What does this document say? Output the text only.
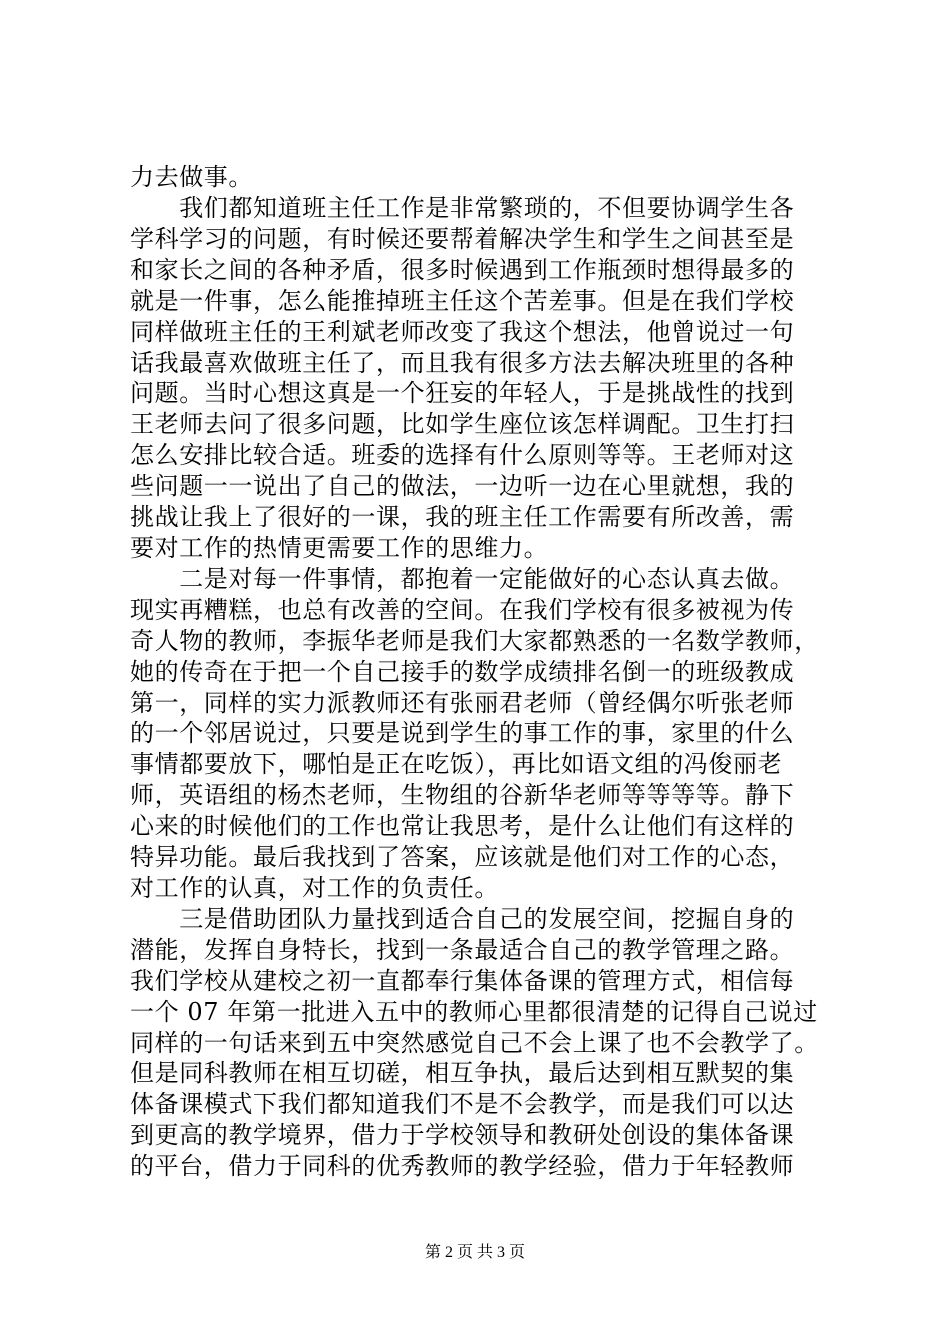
力去做事。
　　我们都知道班主任工作是非常繁琐的，不但要协调学生各
学科学习的问题，有时候还要帮着解决学生和学生之间甚至是
和家长之间的各种矛盾，很多时候遇到工作瓶颈时想得最多的
就是一件事，怎么能推掉班主任这个苦差事。但是在我们学校
同样做班主任的王利斌老师改变了我这个想法，他曾说过一句
话我最喜欢做班主任了，而且我有很多方法去解决班里的各种
问题。当时心想这真是一个狂妄的年轻人，于是挑战性的找到
王老师去问了很多问题，比如学生座位该怎样调配。卫生打扫
怎么安排比较合适。班委的选择有什么原则等等。王老师对这
些问题一一说出了自己的做法，一边听一边在心里就想，我的
挑战让我上了很好的一课，我的班主任工作需要有所改善，需
要对工作的热情更需要工作的思维力。
　　二是对每一件事情，都抱着一定能做好的心态认真去做。
现实再糟糕，也总有改善的空间。在我们学校有很多被视为传
奇人物的教师，李振华老师是我们大家都熟悉的一名数学教师，
她的传奇在于把一个自己接手的数学成绩排名倒一的班级教成
第一，同样的实力派教师还有张丽君老师（曾经偶尔听张老师
的一个邻居说过，只要是说到学生的事工作的事，家里的什么
事情都要放下，哪怕是正在吃饭），再比如语文组的冯俊丽老
师，英语组的杨杰老师，生物组的谷新华老师等等等等。静下
心来的时候他们的工作也常让我思考，是什么让他们有这样的
特异功能。最后我找到了答案，应该就是他们对工作的心态，
对工作的认真，对工作的负责任。
　　三是借助团队力量找到适合自己的发展空间，挖掘自身的
潜能，发挥自身特长，找到一条最适合自己的教学管理之路。
我们学校从建校之初一直都奉行集体备课的管理方式，相信每
一个 07 年第一批进入五中的教师心里都很清楚的记得自己说过
同样的一句话来到五中突然感觉自己不会上课了也不会教学了。
但是同科教师在相互切磋，相互争执，最后达到相互默契的集
体备课模式下我们都知道我们不是不会教学，而是我们可以达
到更高的教学境界，借力于学校领导和教研处创设的集体备课
的平台，借力于同科的优秀教师的教学经验，借力于年轻教师
第 2 页 共 3 页
